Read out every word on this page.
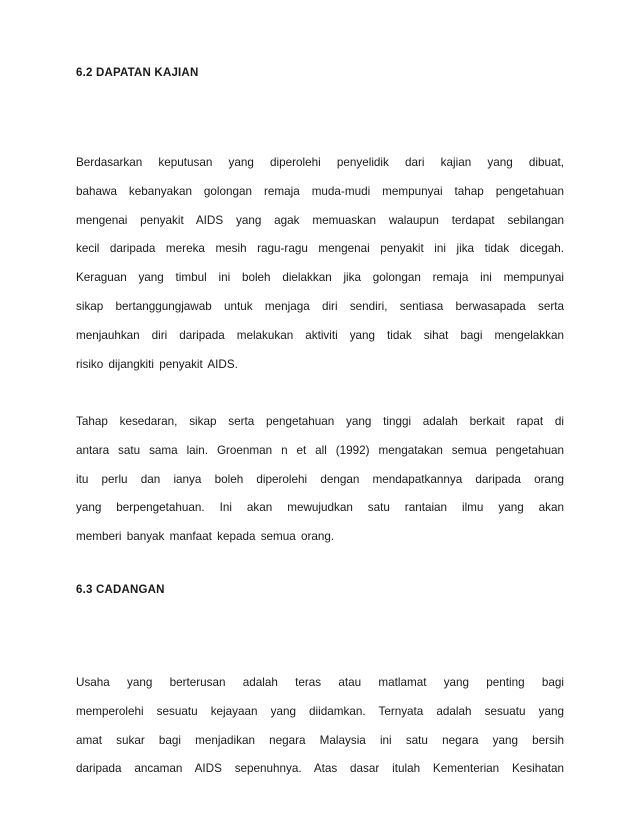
6.2 DAPATAN KAJIAN
Berdasarkan keputusan yang diperolehi penyelidik dari kajian yang dibuat,
bahawa kebanyakan golongan remaja muda-mudi mempunyai tahap pengetahuan
mengenai penyakit AIDS yang agak memuaskan walaupun terdapat sebilangan
kecil daripada mereka mesih ragu-ragu mengenai penyakit ini jika tidak dicegah.
Keraguan yang timbul ini boleh dielakkan jika golongan remaja ini mempunyai
sikap bertanggungjawab untuk menjaga diri sendiri, sentiasa berwasapada serta
menjauhkan diri daripada melakukan aktiviti yang tidak sihat bagi mengelakkan
risiko dijangkiti penyakit AIDS.
Tahap kesedaran, sikap serta pengetahuan yang tinggi adalah berkait rapat di
antara satu sama lain. Groenman n et all (1992) mengatakan semua pengetahuan
itu perlu dan ianya boleh diperolehi dengan mendapatkannya daripada orang
yang berpengetahuan. Ini akan mewujudkan satu rantaian ilmu yang akan
memberi banyak manfaat kepada semua orang.
6.3 CADANGAN
Usaha yang berterusan adalah teras atau matlamat yang penting bagi
memperolehi sesuatu kejayaan yang diidamkan. Ternyata adalah sesuatu yang
amat sukar bagi menjadikan negara Malaysia ini satu negara yang bersih
daripada ancaman AIDS sepenuhnya. Atas dasar itulah Kementerian Kesihatan
